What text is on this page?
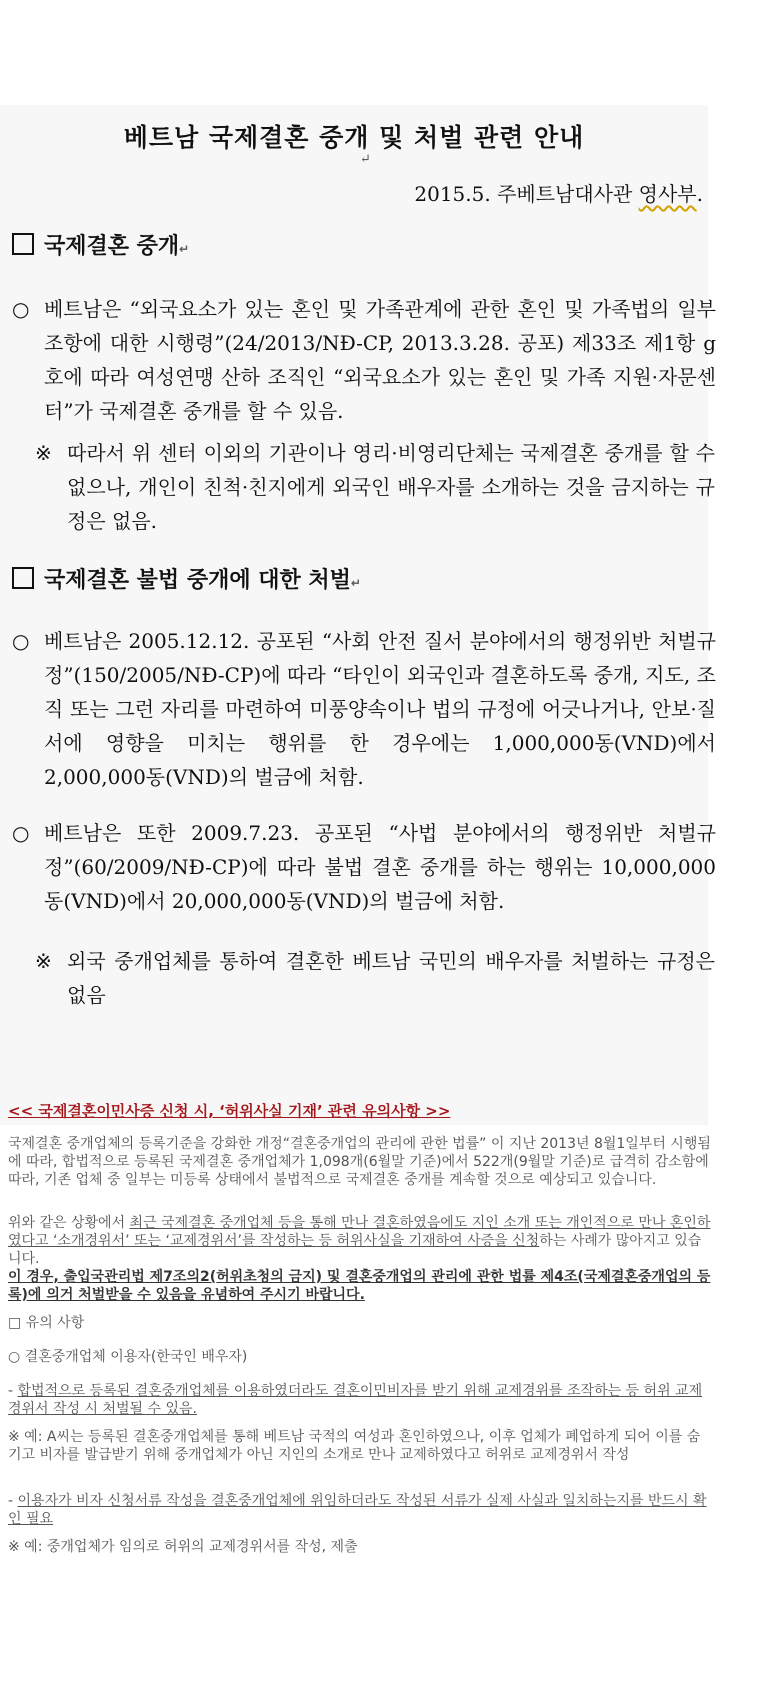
베트남 국제결혼 중개 및 처벌 관련 안내
↵
2015.5. 주베트남대사관 영사부.
국제결혼 중개↵
○ 베트남은 “외국요소가 있는 혼인 및 가족관계에 관한 혼인 및 가족법의 일부 조항에 대한 시행령”(24/2013/NĐ-CP, 2013.3.28. 공포) 제33조 제1항 g호에 따라 여성연맹 산하 조직인 “외국요소가 있는 혼인 및 가족 지원·자문센터”가 국제결혼 중개를 할 수 있음.
※ 따라서 위 센터 이외의 기관이나 영리·비영리단체는 국제결혼 중개를 할 수 없으나, 개인이 친척·친지에게 외국인 배우자를 소개하는 것을 금지하는 규정은 없음.
국제결혼 불법 중개에 대한 처벌↵
○ 베트남은 2005.12.12. 공포된 “사회 안전 질서 분야에서의 행정위반 처벌규정”(150/2005/NĐ-CP)에 따라 “타인이 외국인과 결혼하도록 중개, 지도, 조직 또는 그런 자리를 마련하여 미풍양속이나 법의 규정에 어긋나거나, 안보·질서에 영향을 미치는 행위를 한 경우에는 1,000,000동(VND)에서 2,000,000동(VND)의 벌금에 처함.
○ 베트남은 또한 2009.7.23. 공포된 “사법 분야에서의 행정위반 처벌규정”(60/2009/NĐ-CP)에 따라 불법 결혼 중개를 하는 행위는 10,000,000동(VND)에서 20,000,000동(VND)의 벌금에 처함.
※ 외국 중개업체를 통하여 결혼한 베트남 국민의 배우자를 처벌하는 규정은 없음
<< 국제결혼이민사증 신청 시, ‘허위사실 기재’ 관련 유의사항 >>
국제결혼 중개업체의 등록기준을 강화한 개정“결혼중개업의 관리에 관한 법률” 이 지난 2013년 8월1일부터 시행됨에 따라, 합법적으로 등록된 국제결혼 중개업체가 1,098개(6월말 기준)에서 522개(9월말 기준)로 급격히 감소함에 따라, 기존 업체 중 일부는 미등록 상태에서 불법적으로 국제결혼 중개를 계속할 것으로 예상되고 있습니다.
위와 같은 상황에서 최근 국제결혼 중개업체 등을 통해 만나 결혼하였음에도 지인 소개 또는 개인적으로 만나 혼인하였다고 ‘소개경위서’ 또는 ‘교제경위서’를 작성하는 등 허위사실을 기재하여 사증을 신청하는 사례가 많아지고 있습니다.
이 경우, 출입국관리법 제7조의2(허위초청의 금지) 및 결혼중개업의 관리에 관한 법률 제4조(국제결혼중개업의 등록)에 의거 처벌받을 수 있음을 유념하여 주시기 바랍니다.
□ 유의 사항
○ 결혼중개업체 이용자(한국인 배우자)
- 합법적으로 등록된 결혼중개업체를 이용하였더라도 결혼이민비자를 받기 위해 교제경위를 조작하는 등 허위 교제경위서 작성 시 처벌될 수 있음.
※ 예: A씨는 등록된 결혼중개업체를 통해 베트남 국적의 여성과 혼인하였으나, 이후 업체가 폐업하게 되어 이를 숨기고 비자를 발급받기 위해 중개업체가 아닌 지인의 소개로 만나 교제하였다고 허위로 교제경위서 작성
- 이용자가 비자 신청서류 작성을 결혼중개업체에 위임하더라도 작성된 서류가 실제 사실과 일치하는지를 반드시 확인 필요
※ 예: 중개업체가 임의로 허위의 교제경위서를 작성, 제출
